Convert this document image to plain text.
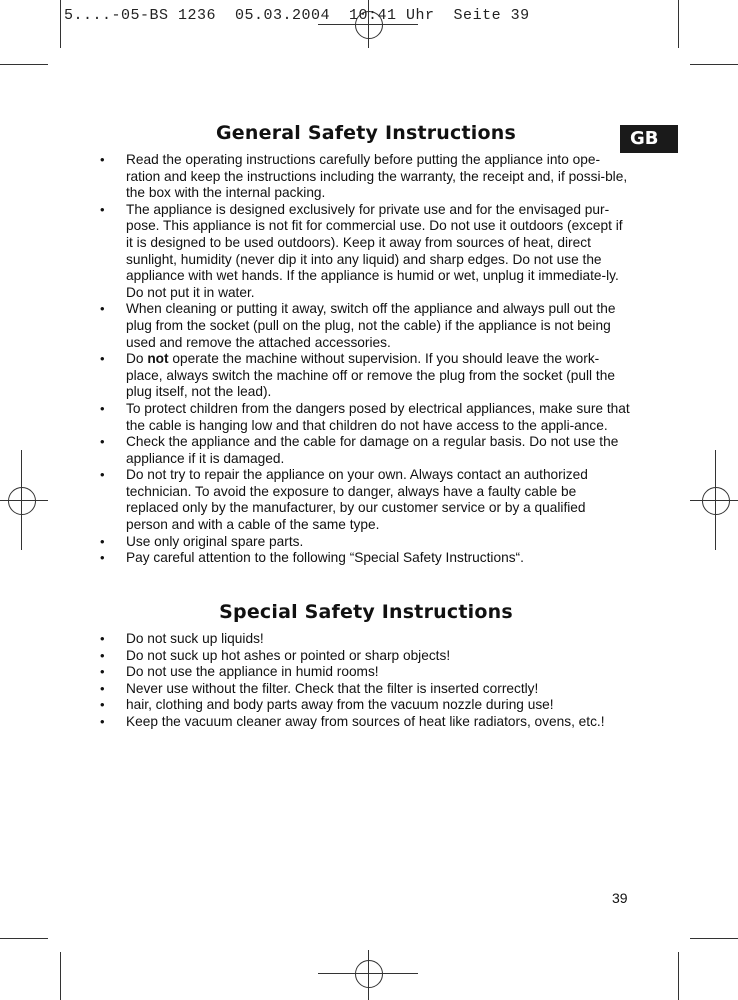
5....-05-BS 1236  05.03.2004  10:41 Uhr  Seite 39
GB
General Safety Instructions
• Read the operating instructions carefully before putting the appliance into ope-ration and keep the instructions including the warranty, the receipt and, if possi-ble, the box with the internal packing.
• The appliance is designed exclusively for private use and for the envisaged pur-pose. This appliance is not fit for commercial use. Do not use it outdoors (except if it is designed to be used outdoors). Keep it away from sources of heat, direct sunlight, humidity (never dip it into any liquid) and sharp edges. Do not use the appliance with wet hands. If the appliance is humid or wet, unplug it immediate-ly. Do not put it in water.
• When cleaning or putting it away, switch off the appliance and always pull out the plug from the socket (pull on the plug, not the cable) if the appliance is not being used and remove the attached accessories.
• Do not operate the machine without supervision. If you should leave the work-place, always switch the machine off or remove the plug from the socket (pull the plug itself, not the lead).
• To protect children from the dangers posed by electrical appliances, make sure that the cable is hanging low and that children do not have access to the appli-ance.
• Check the appliance and the cable for damage on a regular basis. Do not use the appliance if it is damaged.
• Do not try to repair the appliance on your own. Always contact an authorized technician. To avoid the exposure to danger, always have a faulty cable be replaced only by the manufacturer, by our customer service or by a qualified person and with a cable of the same type.
• Use only original spare parts.
• Pay careful attention to the following “Special Safety Instructions“.
Special Safety Instructions
• Do not suck up liquids!
• Do not suck up hot ashes or pointed or sharp objects!
• Do not use the appliance in humid rooms!
• Never use without the filter. Check that the filter is inserted correctly!
• hair, clothing and body parts away from the vacuum nozzle during use!
• Keep the vacuum cleaner away from sources of heat like radiators, ovens, etc.!
39
